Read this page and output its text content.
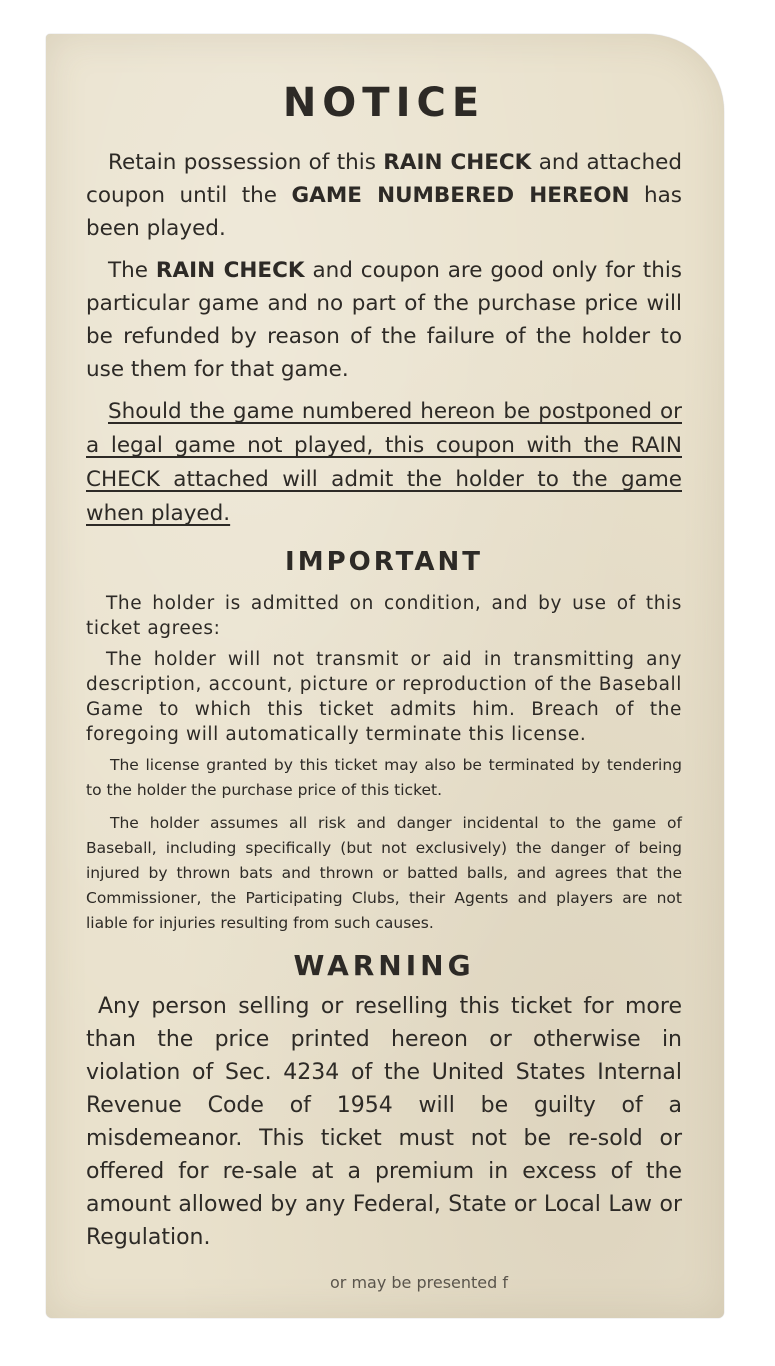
NOTICE

Retain possession of this RAIN CHECK and attached coupon until the GAME NUMBERED HEREON has been played.

The RAIN CHECK and coupon are good only for this particular game and no part of the purchase price will be refunded by reason of the failure of the holder to use them for that game.

Should the game numbered hereon be postponed or a legal game not played, this coupon with the RAIN CHECK attached will admit the holder to the game when played.

IMPORTANT

The holder is admitted on condition, and by use of this ticket agrees:

The holder will not transmit or aid in transmitting any description, account, picture or reproduction of the Baseball Game to which this ticket admits him. Breach of the foregoing will automatically terminate this license.

The license granted by this ticket may also be terminated by tendering to the holder the purchase price of this ticket.

The holder assumes all risk and danger incidental to the game of Baseball, including specifically (but not exclusively) the danger of being injured by thrown bats and thrown or batted balls, and agrees that the Commissioner, the Participating Clubs, their Agents and players are not liable for injuries resulting from such causes.

WARNING

Any person selling or reselling this ticket for more than the price printed hereon or otherwise in violation of Sec. 4234 of the United States Internal Revenue Code of 1954 will be guilty of a misdemeanor. This ticket must not be re-sold or offered for re-sale at a premium in excess of the amount allowed by any Federal, State or Local Law or Regulation.
